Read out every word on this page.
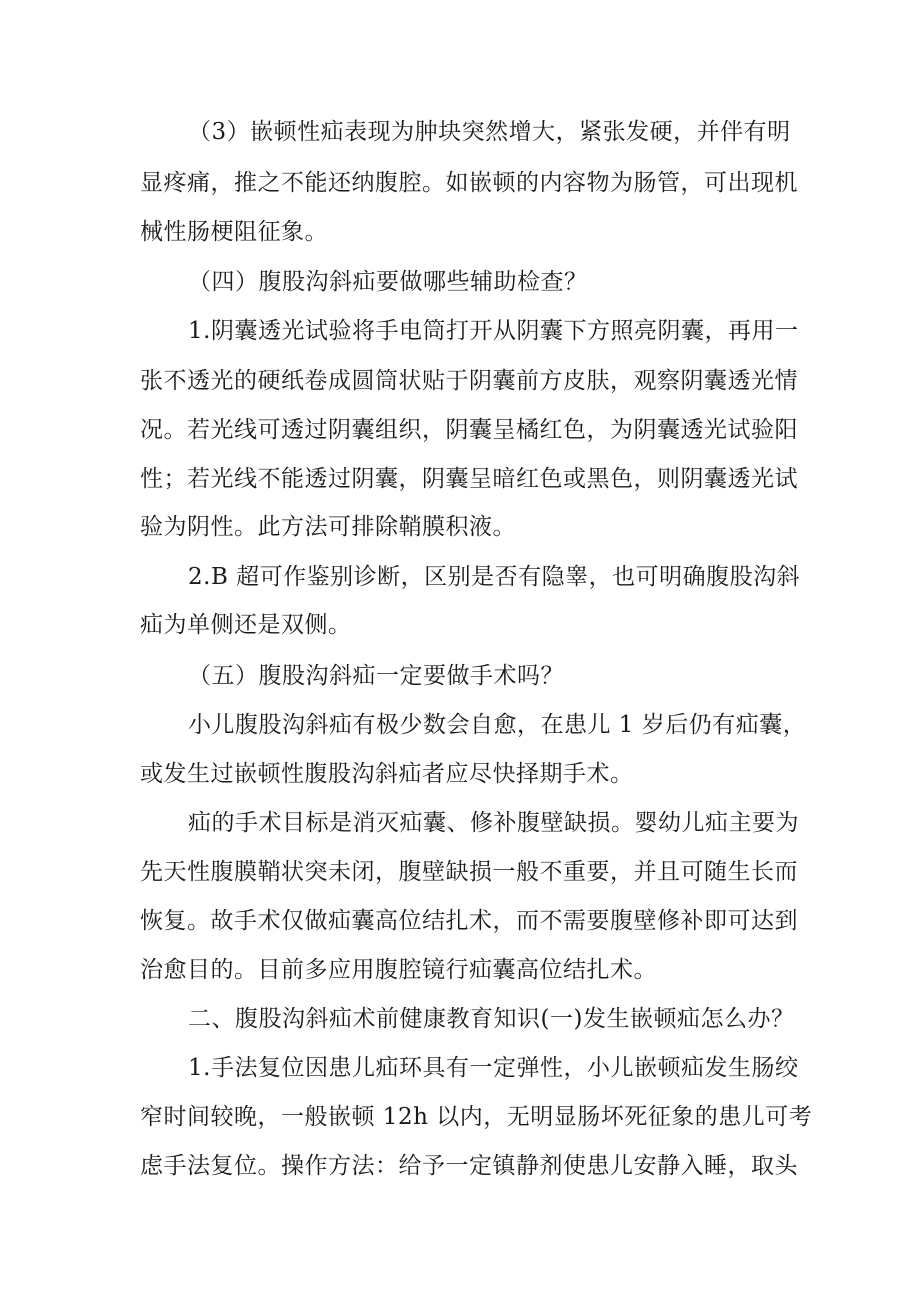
（3）嵌顿性疝表现为肿块突然增大，紧张发硬，并伴有明
显疼痛，推之不能还纳腹腔。如嵌顿的内容物为肠管，可出现机
械性肠梗阻征象。
（四）腹股沟斜疝要做哪些辅助检查？
1.阴囊透光试验将手电筒打开从阴囊下方照亮阴囊，再用一
张不透光的硬纸卷成圆筒状贴于阴囊前方皮肤，观察阴囊透光情
况。若光线可透过阴囊组织，阴囊呈橘红色，为阴囊透光试验阳
性；若光线不能透过阴囊，阴囊呈暗红色或黑色，则阴囊透光试
验为阴性。此方法可排除鞘膜积液。
2.B 超可作鉴别诊断，区别是否有隐睾，也可明确腹股沟斜
疝为单侧还是双侧。
（五）腹股沟斜疝一定要做手术吗？
小儿腹股沟斜疝有极少数会自愈，在患儿 1 岁后仍有疝囊，
或发生过嵌顿性腹股沟斜疝者应尽快择期手术。
疝的手术目标是消灭疝囊、修补腹壁缺损。婴幼儿疝主要为
先天性腹膜鞘状突未闭，腹壁缺损一般不重要，并且可随生长而
恢复。故手术仅做疝囊高位结扎术，而不需要腹壁修补即可达到
治愈目的。目前多应用腹腔镜行疝囊高位结扎术。
二、腹股沟斜疝术前健康教育知识(一)发生嵌顿疝怎么办？
1.手法复位因患儿疝环具有一定弹性，小儿嵌顿疝发生肠绞
窄时间较晚，一般嵌顿 12h 以内，无明显肠坏死征象的患儿可考
虑手法复位。操作方法：给予一定镇静剂使患儿安静入睡，取头
